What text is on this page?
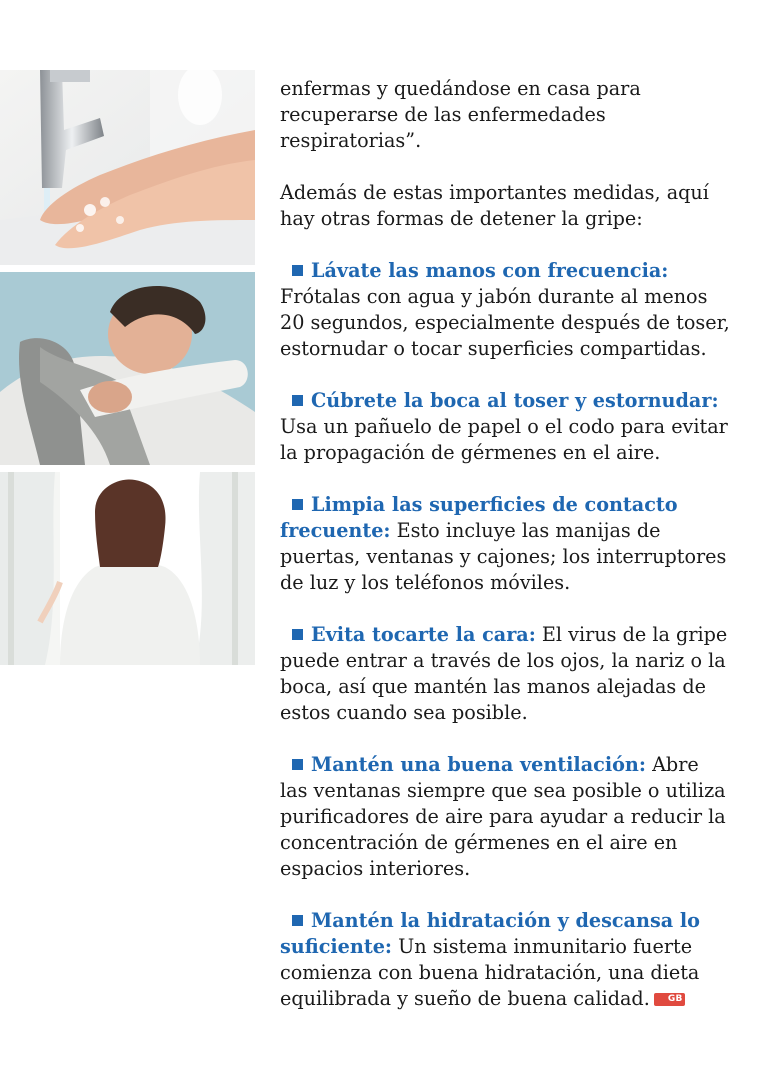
enfermas y quedándose en casa para recuperarse de las enfermedades respiratorias”.

Además de estas importantes medidas, aquí hay otras formas de detener la gripe:

Lávate las manos con frecuencia: Frótalas con agua y jabón durante al menos 20 segundos, especialmente después de toser, estornudar o tocar superficies compartidas.

Cúbrete la boca al toser y estornudar: Usa un pañuelo de papel o el codo para evitar la propagación de gérmenes en el aire.

Limpia las superficies de contacto frecuente: Esto incluye las manijas de puertas, ventanas y cajones; los interruptores de luz y los teléfonos móviles.

Evita tocarte la cara: El virus de la gripe puede entrar a través de los ojos, la nariz o la boca, así que mantén las manos alejadas de estos cuando sea posible.

Mantén una buena ventilación: Abre las ventanas siempre que sea posible o utiliza purificadores de aire para ayudar a reducir la concentración de gérmenes en el aire en espacios interiores.

Mantén la hidratación y descansa lo suficiente: Un sistema inmunitario fuerte comienza con buena hidratación, una dieta equilibrada y sueño de buena calidad. GB
